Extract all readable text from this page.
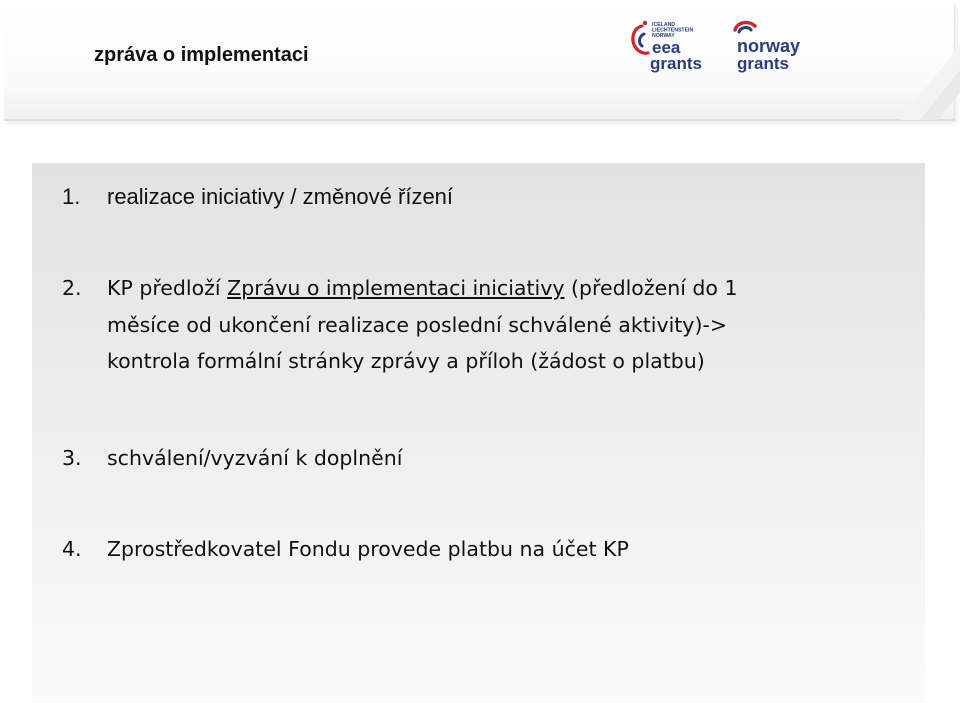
zpráva o implementaci
ICELAND
LIECHTENSTEIN
NORWAY
eea
grants
norway
grants
1.	realizace iniciativy / změnové řízení
2.	KP předloží Zprávu o implementaci iniciativy (předložení do 1
měsíce od ukončení realizace poslední schválené aktivity)->
kontrola formální stránky zprávy a příloh (žádost o platbu)
3.	schválení/vyzvání k doplnění
4.	Zprostředkovatel Fondu provede platbu na účet KP
